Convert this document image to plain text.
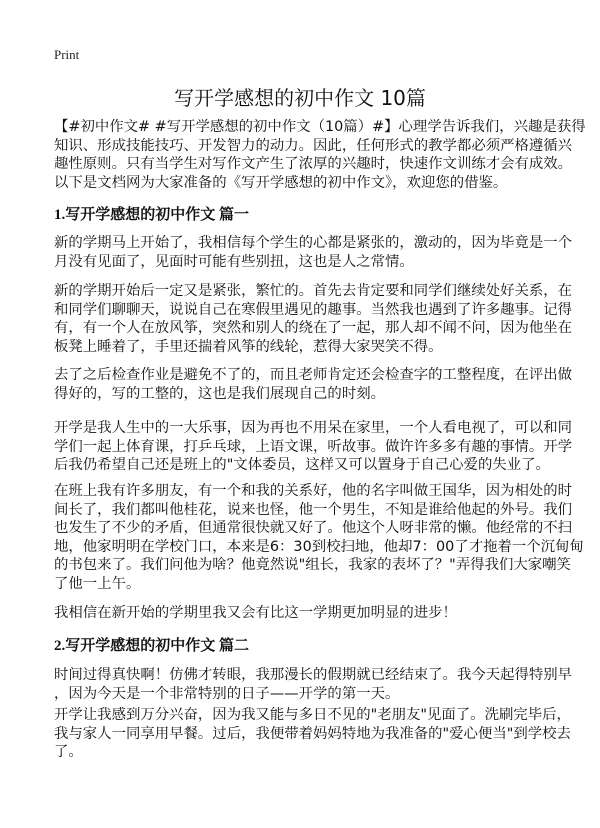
Print
写开学感想的初中作文 10篇
【#初中作文# #写开学感想的初中作文（10篇）#】心理学告诉我们，兴趣是获得
知识、形成技能技巧、开发智力的动力。因此，任何形式的教学都必须严格遵循兴
趣性原则。只有当学生对写作文产生了浓厚的兴趣时，快速作文训练才会有成效。
以下是文档网为大家准备的《写开学感想的初中作文》，欢迎您的借鉴。
1.写开学感想的初中作文 篇一
新的学期马上开始了，我相信每个学生的心都是紧张的，激动的，因为毕竟是一个
月没有见面了，见面时可能有些别扭，这也是人之常情。
新的学期开始后一定又是紧张，繁忙的。首先去肯定要和同学们继续处好关系，在
和同学们聊聊天，说说自己在寒假里遇见的趣事。当然我也遇到了许多趣事。记得
有，有一个人在放风筝，突然和别人的绕在了一起，那人却不闻不问，因为他坐在
板凳上睡着了，手里还揣着风筝的线轮，惹得大家哭笑不得。
去了之后检查作业是避免不了的，而且老师肯定还会检查字的工整程度，在评出做
得好的，写的工整的，这也是我们展现自己的时刻。
开学是我人生中的一大乐事，因为再也不用呆在家里，一个人看电视了，可以和同
学们一起上体育课，打乒乓球，上语文课，听故事。做许许多多有趣的事情。开学
后我仍希望自己还是班上的"文体委员，这样又可以置身于自己心爱的失业了。
在班上我有许多朋友，有一个和我的关系好，他的名字叫做王国华，因为相处的时
间长了，我们都叫他桂花，说来也怪，他一个男生，不知是谁给他起的外号。我们
也发生了不少的矛盾，但通常很快就又好了。他这个人呀非常的懒。他经常的不扫
地，他家明明在学校门口，本来是6：30到校扫地，他却7：00了才拖着一个沉甸甸
的书包来了。我们问他为啥？他竟然说"组长，我家的表坏了？"弄得我们大家嘲笑
了他一上午。
我相信在新开始的学期里我又会有比这一学期更加明显的进步！
2.写开学感想的初中作文 篇二
时间过得真快啊！仿佛才转眼，我那漫长的假期就已经结束了。我今天起得特别早
，因为今天是一个非常特别的日子——开学的第一天。
开学让我感到万分兴奋，因为我又能与多日不见的"老朋友"见面了。洗刷完毕后，
我与家人一同享用早餐。过后，我便带着妈妈特地为我准备的"爱心便当"到学校去
了。
